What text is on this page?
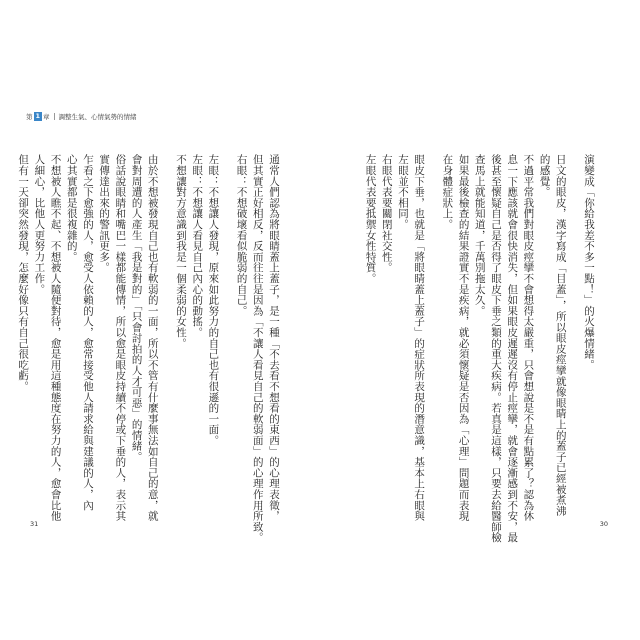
第 1 章 調整生氣、心情氣勢的情緒
通常人們認為將眼睛蓋上蓋子，是一種「不去看不想看的東西」的心理表徵，
但其實正好相反，反而往往是因為「不讓人看見自己的軟弱面」的心理作用所致。
右眼：不想破壞看似脆弱的自己。
左眼：不想讓人發現，原來如此努力的自己也有很遜的一面。
左眼：不想讓人看見自己內心的動搖。
不想讓對方意識到我是一個柔弱的女性。
由於不想被發現自己也有軟弱的一面，所以不管有什麼事無法如自己的意，就
會對周遭的人產生「我是對的」「只會討拍的人才可惡」的情緒。
俗話說眼睛和嘴巴一樣都能傳情，所以愈是眼皮持續不停或下垂的人，表示其
實傳達出來的警訊更多。
乍看之下愈強的人，愈受人依賴的人，愈常接受他人請求給與建議的人，內
心其實都是很複雜的。
不想被人瞧不起、不想被人隨便對待，愈是用這種態度在努力的人，愈會比他
人細心，比他人更努力工作。
但有一天卻突然發現，怎麼好像只有自己很吃虧。
31
演變成「你給我差不多一點！」的火爆情緒。
日文的眼皮，漢字寫成「目蓋」，所以眼皮痙攣就像眼睛上的蓋子已經被煮沸
的感覺。
不過平常我們對眼皮痙攣不會想得太嚴重，只會想說是不是有點累了？認為休
息一下應該就會很快消失，但如果眼皮遲遲沒有停止痙攣，就會逐漸感到不安，最
後甚至懷疑自己是否得了眼皮下垂之類的重大疾病。若真是這樣，只要去給醫師檢
查馬上就能知道，千萬別拖太久。
如果最後檢查的結果證實不是疾病，就必須懷疑是否因為「心理」問題而表現
在身體症狀上。
眼皮下垂，也就是「將眼睛蓋上蓋子」的症狀所表現的潛意識，基本上右眼與
左眼並不相同。
右眼代表要關閉社交性。
左眼代表要抵禦女性特質。
30
